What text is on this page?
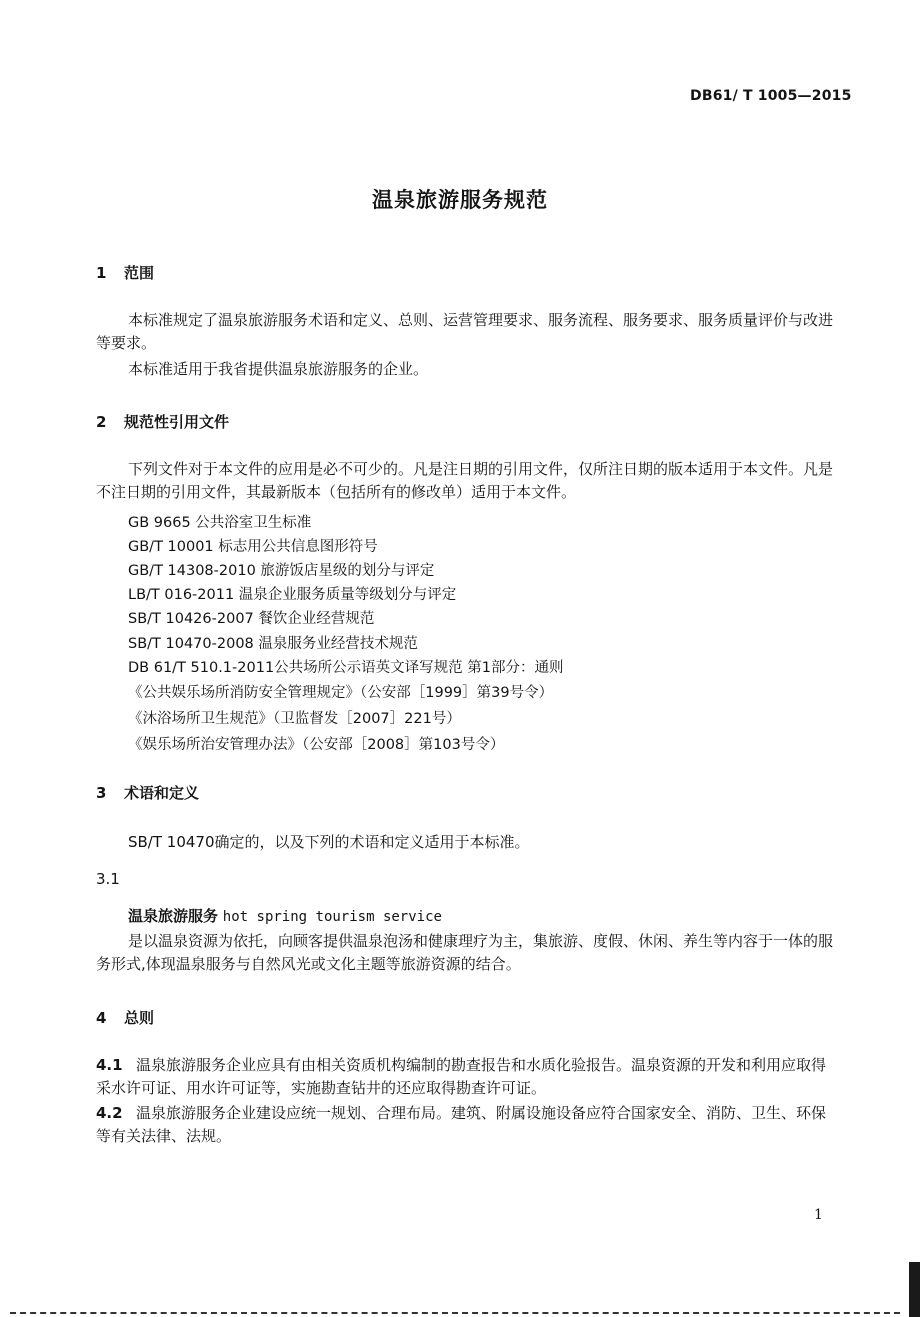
DB61/ T 1005—2015
温泉旅游服务规范
1 范围
本标准规定了温泉旅游服务术语和定义、总则、运营管理要求、服务流程、服务要求、服务质量评价与改进等要求。
本标准适用于我省提供温泉旅游服务的企业。
2 规范性引用文件
下列文件对于本文件的应用是必不可少的。凡是注日期的引用文件，仅所注日期的版本适用于本文件。凡是不注日期的引用文件，其最新版本（包括所有的修改单）适用于本文件。
GB 9665 公共浴室卫生标准
GB/T 10001 标志用公共信息图形符号
GB/T 14308-2010 旅游饭店星级的划分与评定
LB/T 016-2011 温泉企业服务质量等级划分与评定
SB/T 10426-2007 餐饮企业经营规范
SB/T 10470-2008 温泉服务业经营技术规范
DB 61/T 510.1-2011公共场所公示语英文译写规范 第1部分：通则
《公共娱乐场所消防安全管理规定》（公安部［1999］第39号令）
《沐浴场所卫生规范》（卫监督发［2007］221号）
《娱乐场所治安管理办法》（公安部［2008］第103号令）
3 术语和定义
SB/T 10470确定的，以及下列的术语和定义适用于本标准。
3.1
温泉旅游服务 hot spring tourism service
是以温泉资源为依托，向顾客提供温泉泡汤和健康理疗为主，集旅游、度假、休闲、养生等内容于一体的服务形式,体现温泉服务与自然风光或文化主题等旅游资源的结合。
4 总则
4.1 温泉旅游服务企业应具有由相关资质机构编制的勘查报告和水质化验报告。温泉资源的开发和利用应取得采水许可证、用水许可证等，实施勘查钻井的还应取得勘查许可证。
4.2 温泉旅游服务企业建设应统一规划、合理布局。建筑、附属设施设备应符合国家安全、消防、卫生、环保等有关法律、法规。
1
